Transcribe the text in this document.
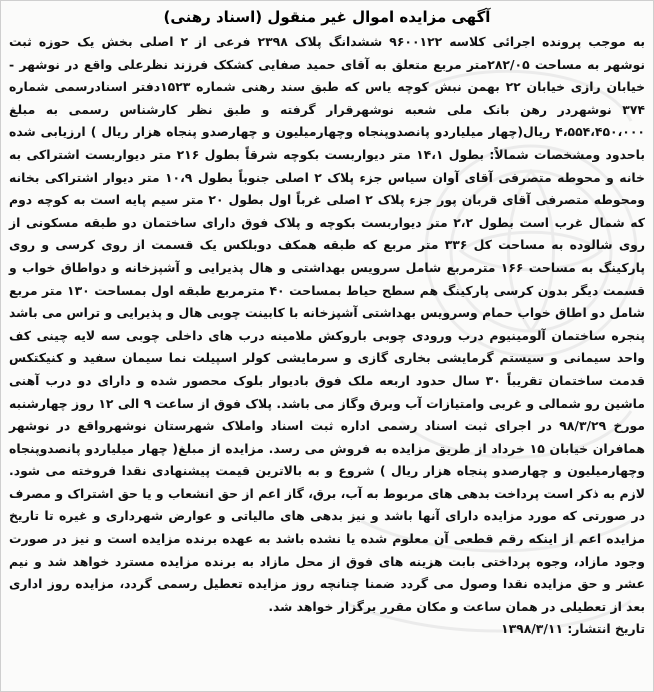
آگهی مزایده اموال غیر منقول (اسناد رهنی)

به موجب پرونده اجرائی کلاسه ۹۶۰۰۱۲۲ ششدانگ پلاک ۲۳۹۸ فرعی از ۲ اصلی بخش یک حوزه ثبت نوشهر به مساحت ۲۸۲/۰۵متر مربع متعلق به آقای حمید صفایی کشکک فرزند نظرعلی واقع در نوشهر - خیابان رازی خیابان ۲۲ بهمن نبش کوچه یاس که طبق سند رهنی شماره ۱۵۲۳دفتر اسنادرسمی شماره ۳۷۴ نوشهردر رهن بانک ملی شعبه نوشهرقرار گرفته و طبق نظر کارشناس رسمی به مبلغ ۴،۵۵۴،۴۵۰،۰۰۰ ریال(چهار میلیاردو پانصدوپنجاه وچهارمیلیون و چهارصدو پنجاه هزار ریال ) ارزیابی شده باحدود ومشخصات شمالاً: بطول ۱۴،۱ متر دیواربست بکوچه شرقاً بطول ۲۱۶ متر دیواربست اشتراکی به خانه و محوطه متصرفی آقای آوان سیاس جزء پلاک ۲ اصلی جنوباً بطول ۱۰،۹ متر دیوار اشتراکی بخانه ومحوطه متصرفی آقای قربان پور جزء پلاک ۲ اصلی غرباً اول بطول ۲۰ متر سیم پایه است به کوچه دوم که شمال غرب است بطول ۲،۲ متر دیواربست بکوچه و پلاک فوق دارای ساختمان دو طبقه مسکونی از روی شالوده به مساحت کل ۳۳۶ متر مربع که طبقه همکف دوبلکس یک قسمت از روی کرسی و روی پارکینگ به مساحت ۱۶۶ مترمربع شامل سرویس بهداشتی و هال پذیرایی و آشپزخانه و دواطاق خواب و قسمت دیگر بدون کرسی پارکینگ هم سطح حیاط بمساحت ۴۰ مترمربع طبقه اول بمساحت ۱۳۰ متر مربع شامل دو اطاق خواب حمام وسرویس بهداشتی آشپزخانه با کابینت چوبی هال و پذیرایی و تراس می باشد پنجره ساختمان آلومینیوم درب ورودی چوبی باروکش ملامینه درب های داخلی چوبی سه لایه چینی کف واحد سیمانی و سیستم گرمایشی بخاری گازی و سرمایشی کولر اسپیلت نما سیمان سفید و کنیکتکس قدمت ساختمان تقریباً ۳۰ سال حدود اربعه ملک فوق بادیوار بلوک محصور شده و دارای دو درب آهنی ماشین رو شمالی و غربی وامتیازات آب وبرق وگاز می باشد. پلاک فوق از ساعت ۹ الی ۱۲ روز چهارشنبه مورخ ۹۸/۳/۲۹ در اجرای ثبت اسناد رسمی اداره ثبت اسناد واملاک شهرستان نوشهرواقع در نوشهر همافران خیابان ۱۵ خرداد از طریق مزایده به فروش می رسد. مزایده از مبلغ( چهار میلیاردو پانصدوپنجاه وچهارمیلیون و چهارصدو پنجاه هزار ریال ) شروع و به بالاترین قیمت پیشنهادی نقدا فروخته می شود. لازم به ذکر است پرداخت بدهی های مربوط به آب، برق، گاز اعم از حق انشعاب و یا حق اشتراک و مصرف در صورتی که مورد مزایده دارای آنها باشد و نیز بدهی های مالیاتی و عوارض شهرداری و غیره تا تاریخ مزایده اعم از اینکه رقم قطعی آن معلوم شده یا نشده باشد به عهده برنده مزایده است و نیز در صورت وجود مازاد، وجوه پرداختی بابت هزینه های فوق از محل مازاد به برنده مزایده مسترد خواهد شد و نیم عشر و حق مزایده نقدا وصول می گردد ضمنا چنانچه روز مزایده تعطیل رسمی گردد، مزایده روز اداری بعد از تعطیلی در همان ساعت و مکان مقرر برگزار خواهد شد.

تاریخ انتشار: ۱۳۹۸/۳/۱۱
